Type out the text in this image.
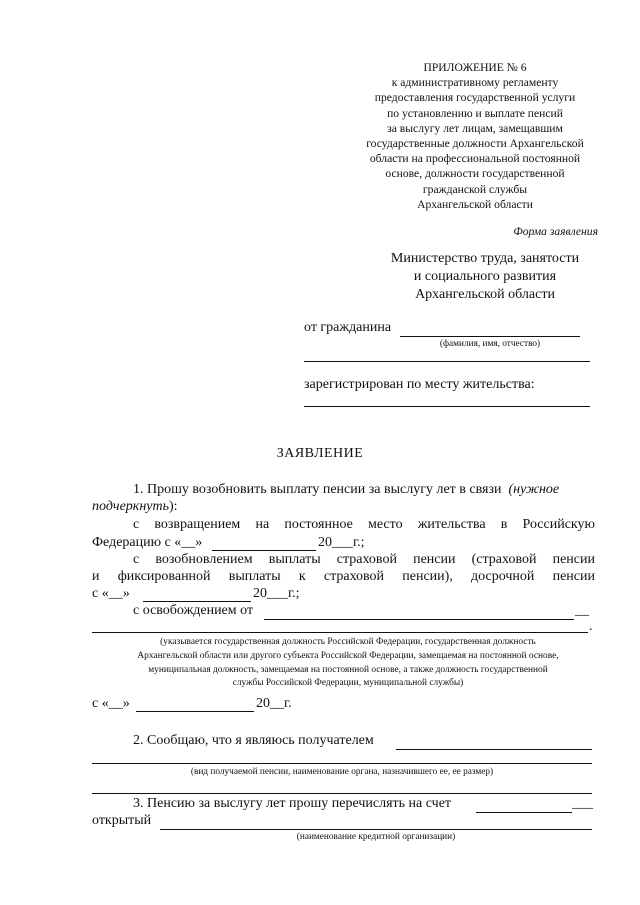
ПРИЛОЖЕНИЕ № 6
к административному регламенту
предоставления государственной услуги
по установлению и выплате пенсий
за выслугу лет лицам, замещавшим
государственные должности Архангельской
области на профессиональной постоянной
основе, должности государственной
гражданской службы
Архангельской области
Форма заявления
Министерство труда, занятости
и социального развития
Архангельской области
от гражданина
(фамилия, имя, отчество)
зарегистрирован по месту жительства:
ЗАЯВЛЕНИЕ
1. Прошу возобновить выплату пенсии за выслугу лет в связи (нужное
подчеркнуть):
с возвращением на постоянное место жительства в Российскую
Федерацию с «__»	20___г.;
с возобновлением выплаты страховой пенсии (страховой пенсии
и фиксированной выплаты к страховой пенсии), досрочной пенсии
с «__»	20___г.;
с освобождением от	__
.
(указывается государственная должность Российской Федерации, государственная должность
Архангельской области или другого субъекта Российской Федерации, замещаемая на постоянной основе,
муниципальная должность, замещаемая на постоянной основе, а также должность государственной
службы Российской Федерации, муниципальной службы)
с «__»	20__г.
2. Сообщаю, что я являюсь получателем
(вид получаемой пенсии, наименование органа, назначившего ее, ее размер)
3. Пенсию за выслугу лет прошу перечислять на счет	___
открытый
(наименование кредитной организации)
